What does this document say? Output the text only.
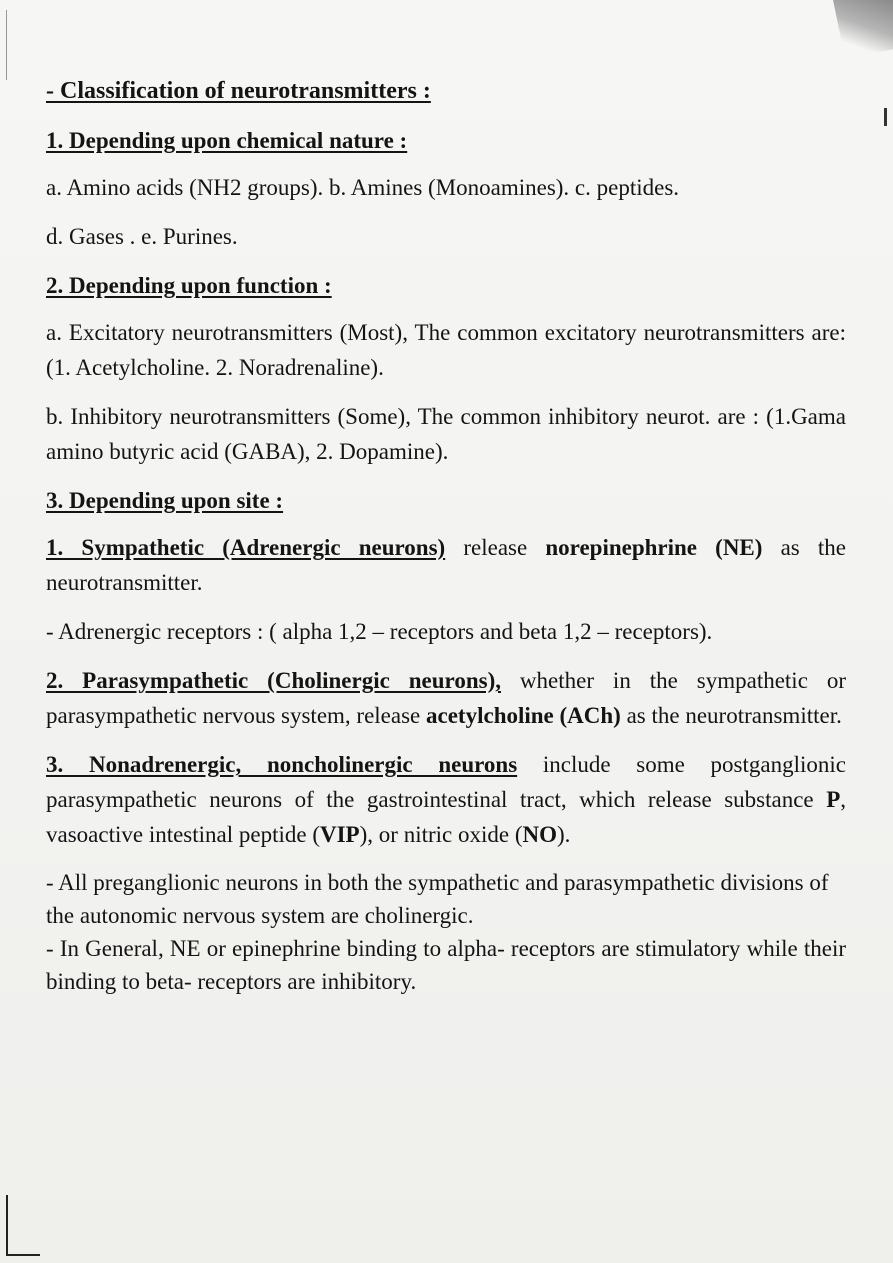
- Classification of neurotransmitters :
1. Depending upon chemical nature :

a. Amino acids (NH2 groups). b. Amines (Monoamines). c. peptides.

d. Gases . e. Purines.

2. Depending upon function :

a. Excitatory neurotransmitters (Most), The common excitatory neurotransmitters are: (1. Acetylcholine. 2. Noradrenaline).

b. Inhibitory neurotransmitters (Some), The common inhibitory neurot. are : (1.Gama amino butyric acid (GABA), 2. Dopamine).

3. Depending upon site :

1. Sympathetic (Adrenergic neurons) release norepinephrine (NE) as the neurotransmitter.

- Adrenergic receptors : ( alpha 1,2 – receptors and beta 1,2 – receptors).

2. Parasympathetic (Cholinergic neurons), whether in the sympathetic or parasympathetic nervous system, release acetylcholine (ACh) as the neurotransmitter.

3. Nonadrenergic, noncholinergic neurons include some postganglionic parasympathetic neurons of the gastrointestinal tract, which release substance P, vasoactive intestinal peptide (VIP), or nitric oxide (NO).

- All preganglionic neurons in both the sympathetic and parasympathetic divisions of the autonomic nervous system are cholinergic.

- In General, NE or epinephrine binding to alpha- receptors are stimulatory while their binding to beta- receptors are inhibitory.
